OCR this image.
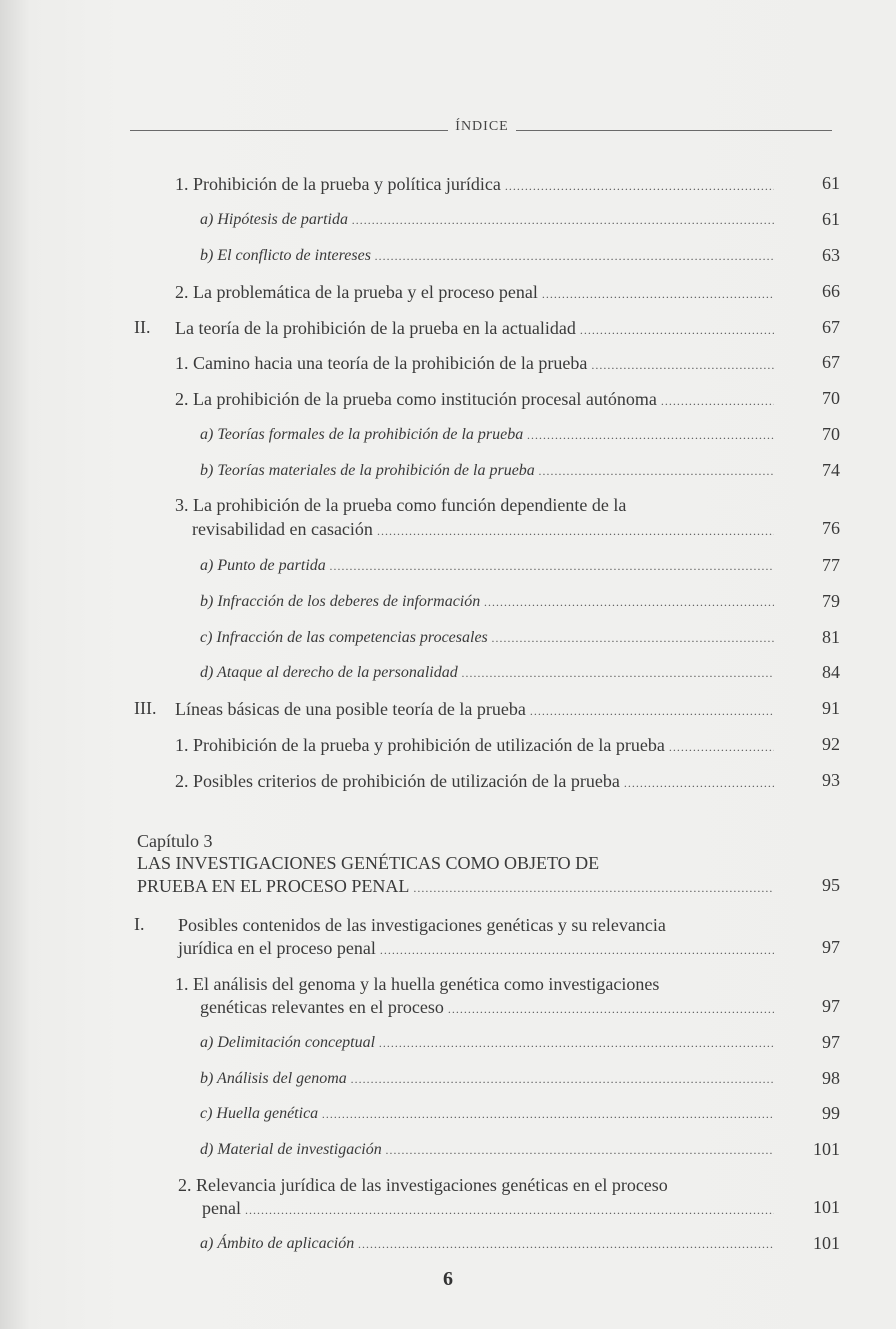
ÍNDICE
1. Prohibición de la prueba y política jurídica .....	61
a) Hipótesis de partida .....	61
b) El conflicto de intereses .....	63
2. La problemática de la prueba y el proceso penal .....	66
II. La teoría de la prohibición de la prueba en la actualidad .....	67
1. Camino hacia una teoría de la prohibición de la prueba .....	67
2. La prohibición de la prueba como institución procesal autónoma .....	70
a) Teorías formales de la prohibición de la prueba .....	70
b) Teorías materiales de la prohibición de la prueba .....	74
3. La prohibición de la prueba como función dependiente de la
revisabilidad en casación .....	76
a) Punto de partida .....	77
b) Infracción de los deberes de información .....	79
c) Infracción de las competencias procesales .....	81
d) Ataque al derecho de la personalidad .....	84
III. Líneas básicas de una posible teoría de la prueba .....	91
1. Prohibición de la prueba y prohibición de utilización de la prueba .....	92
2. Posibles criterios de prohibición de utilización de la prueba .....	93
Capítulo 3
LAS INVESTIGACIONES GENÉTICAS COMO OBJETO DE
PRUEBA EN EL PROCESO PENAL .....	95
I. Posibles contenidos de las investigaciones genéticas y su relevancia
jurídica en el proceso penal .....	97
1. El análisis del genoma y la huella genética como investigaciones
genéticas relevantes en el proceso .....	97
a) Delimitación conceptual .....	97
b) Análisis del genoma .....	98
c) Huella genética .....	99
d) Material de investigación .....	101
2. Relevancia jurídica de las investigaciones genéticas en el proceso
penal .....	101
a) Ámbito de aplicación .....	101
6
